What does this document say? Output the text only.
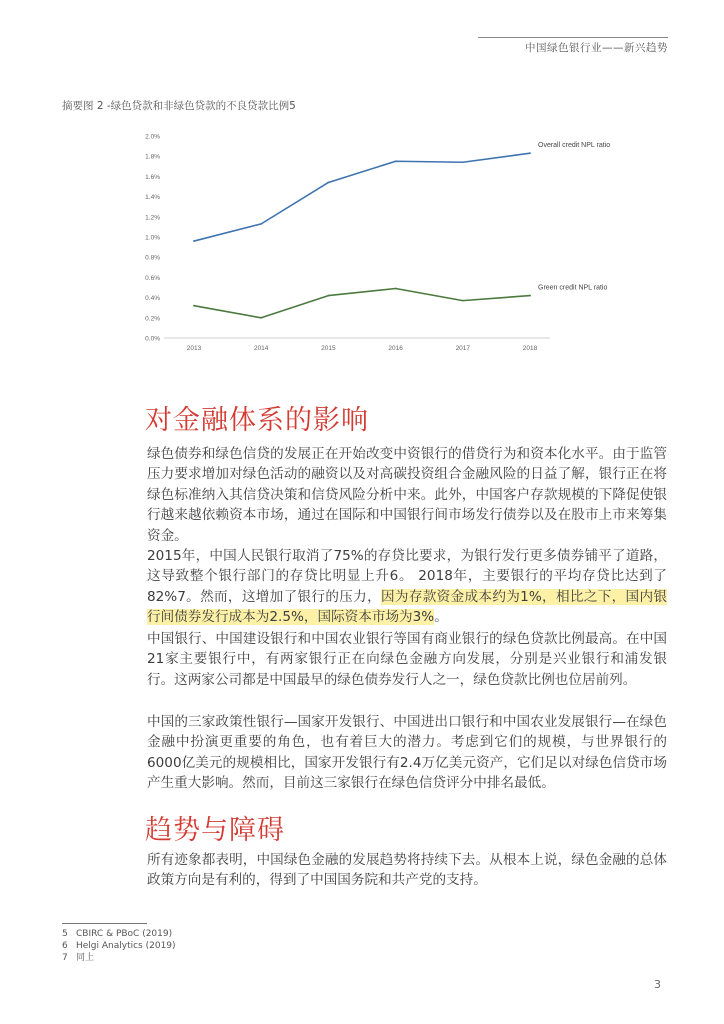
中国绿色银行业——新兴趋势
摘要图 2 -绿色贷款和非绿色贷款的不良贷款比例5
0.0%
0.2%
0.4%
0.6%
0.8%
1.0%
1.2%
1.4%
1.6%
1.8%
2.0%
2013	2014	2015	2016	2017	2018
Overall credit NPL ratio
Green credit NPL ratio
对金融体系的影响

绿色债券和绿色信贷的发展正在开始改变中资银行的借贷行为和资本化水平。由于监管压力要求增加对绿色活动的融资以及对高碳投资组合金融风险的日益了解，银行正在将绿色标准纳入其信贷决策和信贷风险分析中来。此外，中国客户存款规模的下降促使银行越来越依赖资本市场，通过在国际和中国银行间市场发行债券以及在股市上市来筹集资金。

2015年，中国人民银行取消了75%的存贷比要求，为银行发行更多债券铺平了道路，这导致整个银行部门的存贷比明显上升6。 2018年，主要银行的平均存贷比达到了82%7。然而，这增加了银行的压力，因为存款资金成本约为1%，相比之下，国内银行间债券发行成本为2.5%，国际资本市场为3%。

中国银行、中国建设银行和中国农业银行等国有商业银行的绿色贷款比例最高。在中国21家主要银行中，有两家银行正在向绿色金融方向发展，分别是兴业银行和浦发银行。这两家公司都是中国最早的绿色债券发行人之一，绿色贷款比例也位居前列。

中国的三家政策性银行—国家开发银行、中国进出口银行和中国农业发展银行—在绿色金融中扮演更重要的角色，也有着巨大的潜力。考虑到它们的规模，与世界银行的6000亿美元的规模相比，国家开发银行有2.4万亿美元资产，它们足以对绿色信贷市场产生重大影响。然而，目前这三家银行在绿色信贷评分中排名最低。

趋势与障碍

所有迹象都表明，中国绿色金融的发展趋势将持续下去。从根本上说，绿色金融的总体政策方向是有利的，得到了中国国务院和共产党的支持。

5 CBIRC & PBoC (2019)
6 Helgi Analytics (2019)
7 同上
3
